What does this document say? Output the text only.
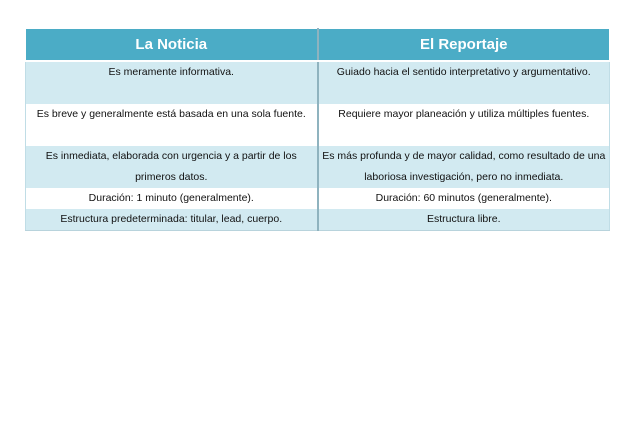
La Noticia	El Reportaje
Es meramente informativa.	Guiado hacia el sentido interpretativo y argumentativo.
Es breve y generalmente está basada en una sola fuente.	Requiere mayor planeación y utiliza múltiples fuentes.
Es inmediata, elaborada con urgencia y a partir de los primeros datos.	Es más profunda y de mayor calidad, como resultado de una laboriosa investigación, pero no inmediata.
Duración: 1 minuto (generalmente).	Duración: 60 minutos (generalmente).
Estructura predeterminada: titular, lead, cuerpo.	Estructura libre.
